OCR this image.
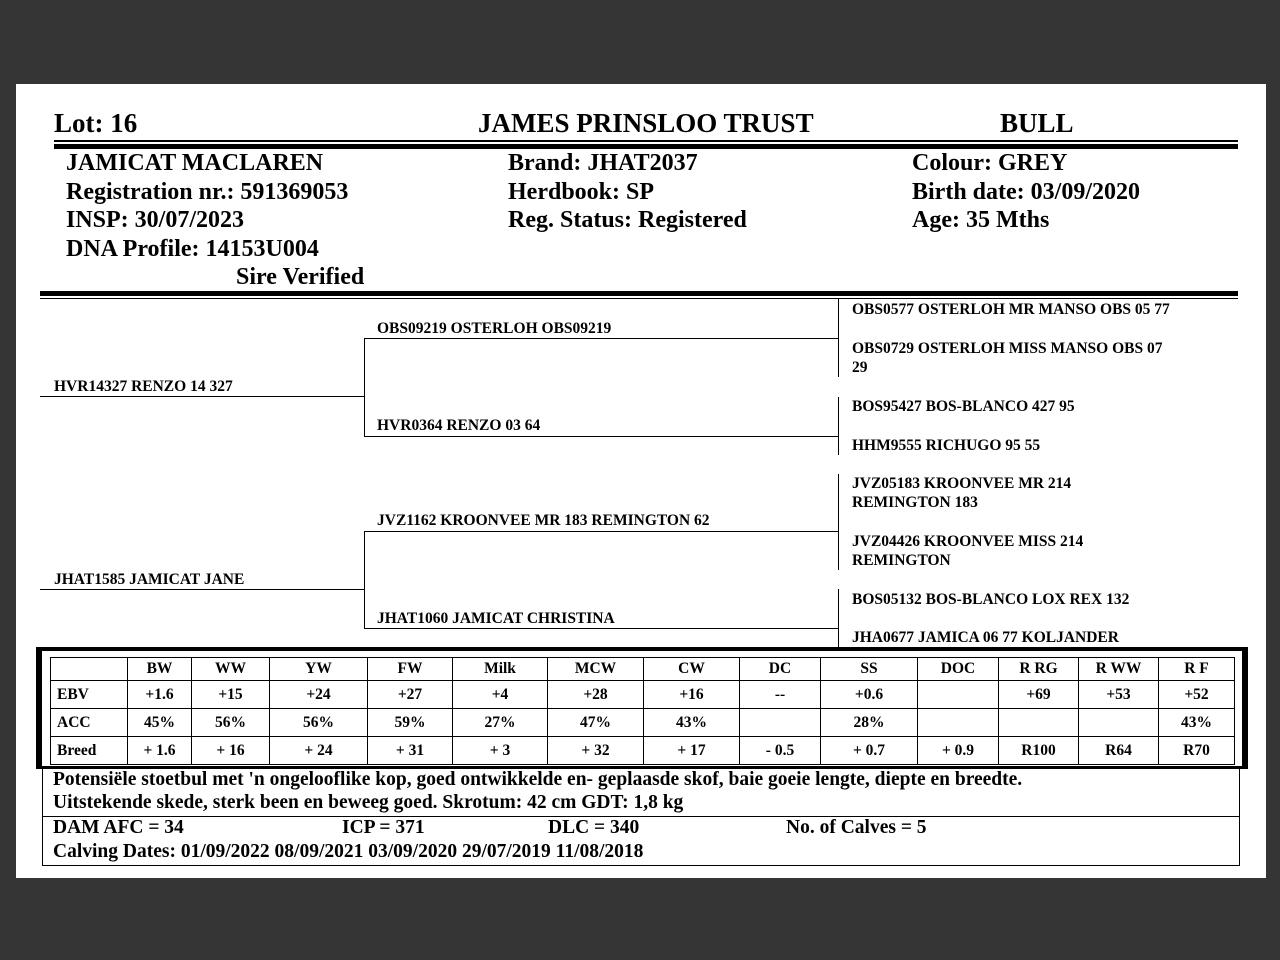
Lot: 16	JAMES PRINSLOO TRUST	BULL
JAMICAT MACLAREN
Registration nr.: 591369053
INSP: 30/07/2023
DNA Profile: 14153U004
Sire Verified
Brand: JHAT2037
Herdbook: SP
Reg. Status: Registered
Colour: GREY
Birth date: 03/09/2020
Age: 35 Mths
HVR14327 RENZO 14 327
JHAT1585 JAMICAT JANE
OBS09219 OSTERLOH OBS09219
HVR0364 RENZO 03 64
JVZ1162 KROONVEE MR 183 REMINGTON 62
JHAT1060 JAMICAT CHRISTINA
OBS0577 OSTERLOH MR MANSO OBS 05 77
OBS0729 OSTERLOH MISS MANSO OBS 07
29
BOS95427 BOS-BLANCO 427 95
HHM9555 RICHUGO 95 55
JVZ05183 KROONVEE MR 214
REMINGTON 183
JVZ04426 KROONVEE MISS 214
REMINGTON
BOS05132 BOS-BLANCO LOX REX 132
JHA0677 JAMICA 06 77 KOLJANDER
	BW	WW	YW	FW	Milk	MCW	CW	DC	SS	DOC	R RG	R WW	R F
EBV	+1.6	+15	+24	+27	+4	+28	+16	--	+0.6		+69	+53	+52
ACC	45%	56%	56%	59%	27%	47%	43%		28%				43%
Breed	+ 1.6	+ 16	+ 24	+ 31	+ 3	+ 32	+ 17	- 0.5	+ 0.7	+ 0.9	R100	R64	R70
Potensiële stoetbul met 'n ongelooflike kop, goed ontwikkelde en- geplaasde skof, baie goeie lengte, diepte en breedte.
Uitstekende skede, sterk been en beweeg goed. Skrotum: 42 cm GDT: 1,8 kg
DAM AFC = 34	ICP = 371	DLC = 340	No. of Calves = 5
Calving Dates: 01/09/2022 08/09/2021 03/09/2020 29/07/2019 11/08/2018
